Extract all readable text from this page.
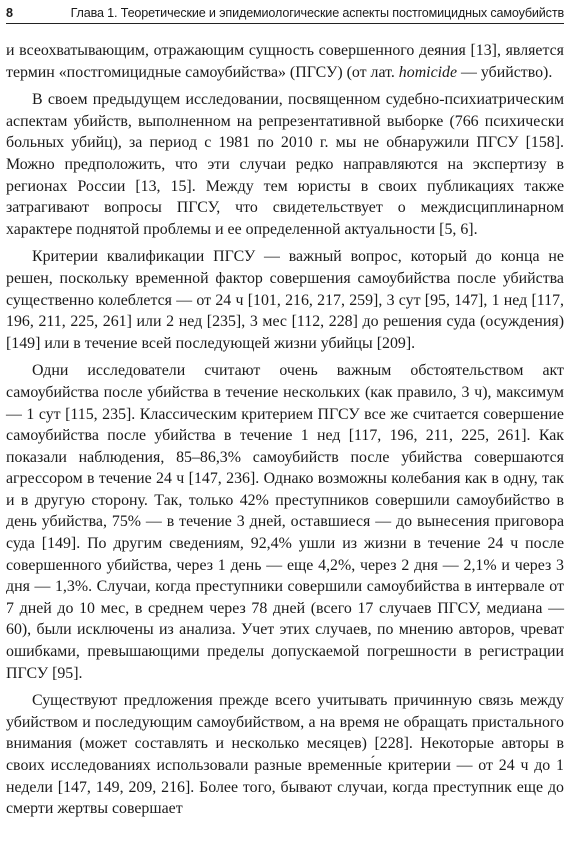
8	Глава 1. Теоретические и эпидемиологические аспекты постгомицидных самоубийств

и всеохватывающим, отражающим сущность совершенного деяния [13], является термин «постгомицидные самоубийства» (ПГСУ) (от лат. homicide — убийство).

В своем предыдущем исследовании, посвященном судебно-психиатрическим аспектам убийств, выполненном на репрезентативной выборке (766 психически больных убийц), за период с 1981 по 2010 г. мы не обнаружили ПГСУ [158]. Можно предположить, что эти случаи редко направляются на экспертизу в регионах России [13, 15]. Между тем юристы в своих публикациях также затрагивают вопросы ПГСУ, что свидетельствует о междисциплинарном характере поднятой проблемы и ее определенной актуальности [5, 6].

Критерии квалификации ПГСУ — важный вопрос, который до конца не решен, поскольку временной фактор совершения самоубийства после убийства существенно колеблется — от 24 ч [101, 216, 217, 259], 3 сут [95, 147], 1 нед [117, 196, 211, 225, 261] или 2 нед [235], 3 мес [112, 228] до решения суда (осуждения) [149] или в течение всей последующей жизни убийцы [209].

Одни исследователи считают очень важным обстоятельством акт самоубийства после убийства в течение нескольких (как правило, 3 ч), максимум — 1 сут [115, 235]. Классическим критерием ПГСУ все же считается совершение самоубийства после убийства в течение 1 нед [117, 196, 211, 225, 261]. Как показали наблюдения, 85–86,3% самоубийств после убийства совершаются агрессором в течение 24 ч [147, 236]. Однако возможны колебания как в одну, так и в другую сторону. Так, только 42% преступников совершили самоубийство в день убийства, 75% — в течение 3 дней, оставшиеся — до вынесения приговора суда [149]. По другим сведениям, 92,4% ушли из жизни в течение 24 ч после совершенного убийства, через 1 день — еще 4,2%, через 2 дня — 2,1% и через 3 дня — 1,3%. Случаи, когда преступники совершили самоубийства в интервале от 7 дней до 10 мес, в среднем через 78 дней (всего 17 случаев ПГСУ, медиана — 60), были исключены из анализа. Учет этих случаев, по мнению авторов, чреват ошибками, превышающими пределы допускаемой погрешности в регистрации ПГСУ [95].

Существуют предложения прежде всего учитывать причинную связь между убийством и последующим самоубийством, а на время не обращать пристального внимания (может составлять и несколько месяцев) [228]. Некоторые авторы в своих исследованиях использовали разные временны́е критерии — от 24 ч до 1 недели [147, 149, 209, 216]. Более того, бывают случаи, когда преступник еще до смерти жертвы совершает
